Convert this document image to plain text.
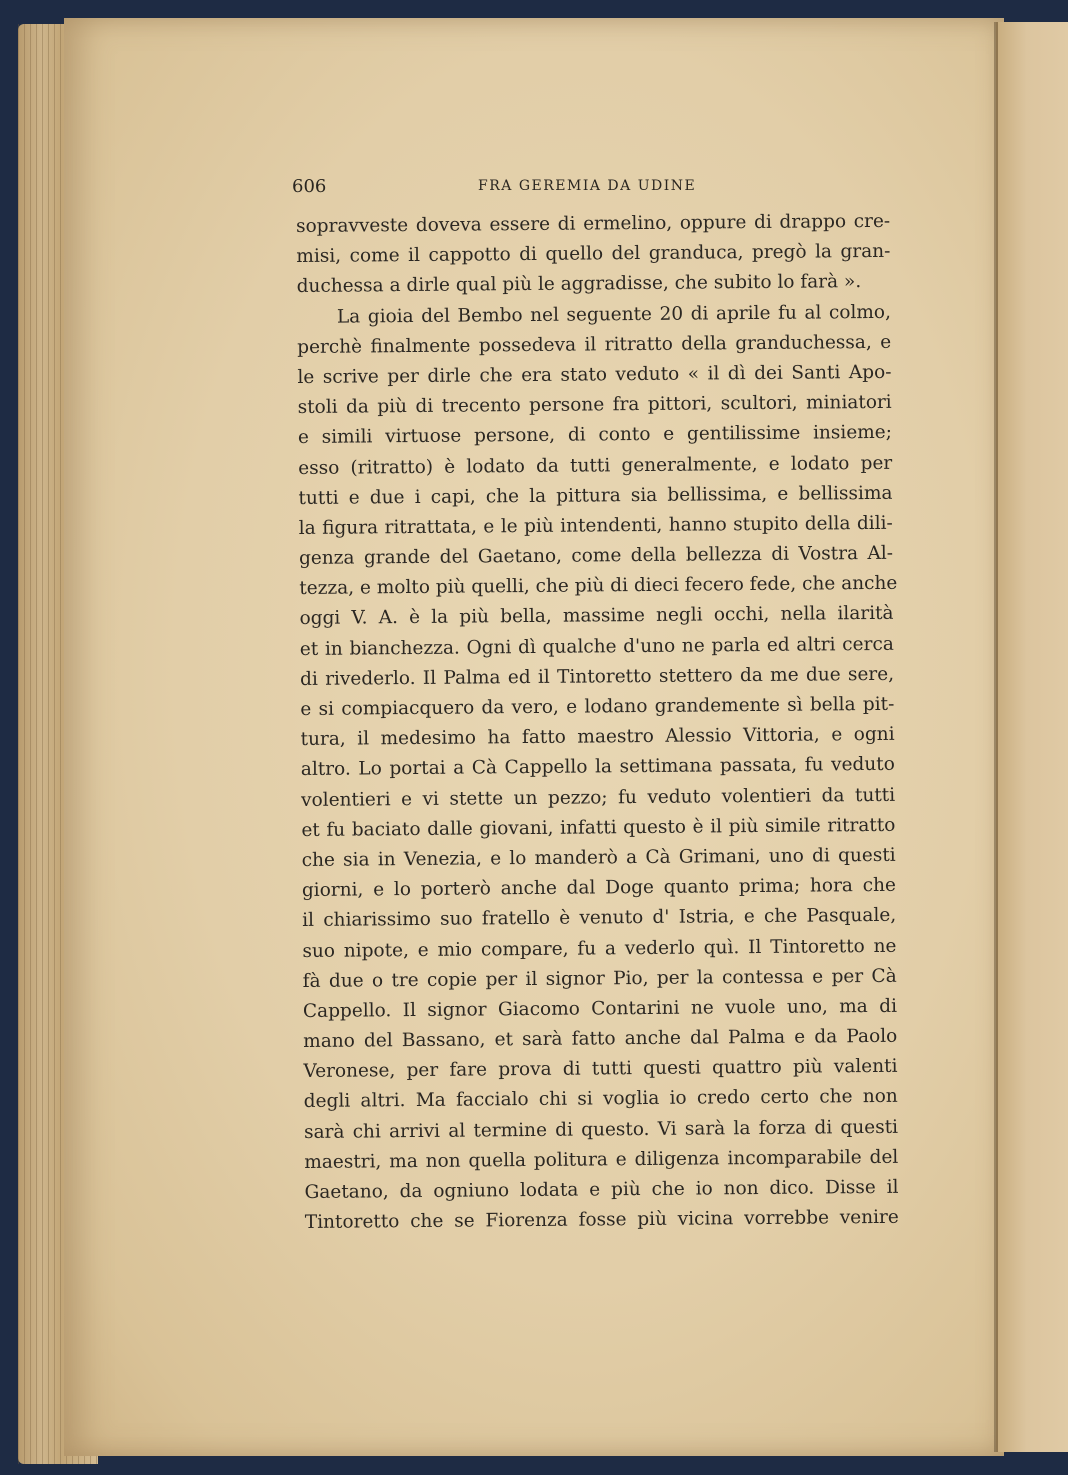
606	FRA GEREMIA DA UDINE
sopravveste doveva essere di ermelino, oppure di drappo cre-
misi, come il cappotto di quello del granduca, pregò la gran-
duchessa a dirle qual più le aggradisse, che subito lo farà ».
La gioia del Bembo nel seguente 20 di aprile fu al colmo,
perchè finalmente possedeva il ritratto della granduchessa, e
le scrive per dirle che era stato veduto « il dì dei Santi Apo-
stoli da più di trecento persone fra pittori, scultori, miniatori
e simili virtuose persone, di conto e gentilissime insieme;
esso (ritratto) è lodato da tutti generalmente, e lodato per
tutti e due i capi, che la pittura sia bellissima, e bellissima
la figura ritrattata, e le più intendenti, hanno stupito della dili-
genza grande del Gaetano, come della bellezza di Vostra Al-
tezza, e molto più quelli, che più di dieci fecero fede, che anche
oggi V. A. è la più bella, massime negli occhi, nella ilarità
et in bianchezza. Ogni dì qualche d'uno ne parla ed altri cerca
di rivederlo. Il Palma ed il Tintoretto stettero da me due sere,
e si compiacquero da vero, e lodano grandemente sì bella pit-
tura, il medesimo ha fatto maestro Alessio Vittoria, e ogni
altro. Lo portai a Cà Cappello la settimana passata, fu veduto
volentieri e vi stette un pezzo; fu veduto volentieri da tutti
et fu baciato dalle giovani, infatti questo è il più simile ritratto
che sia in Venezia, e lo manderò a Cà Grimani, uno di questi
giorni, e lo porterò anche dal Doge quanto prima; hora che
il chiarissimo suo fratello è venuto d' Istria, e che Pasquale,
suo nipote, e mio compare, fu a vederlo quì. Il Tintoretto ne
fà due o tre copie per il signor Pio, per la contessa e per Cà
Cappello. Il signor Giacomo Contarini ne vuole uno, ma di
mano del Bassano, et sarà fatto anche dal Palma e da Paolo
Veronese, per fare prova di tutti questi quattro più valenti
degli altri. Ma faccialo chi si voglia io credo certo che non
sarà chi arrivi al termine di questo. Vi sarà la forza di questi
maestri, ma non quella politura e diligenza incomparabile del
Gaetano, da ogniuno lodata e più che io non dico. Disse il
Tintoretto che se Fiorenza fosse più vicina vorrebbe venire
